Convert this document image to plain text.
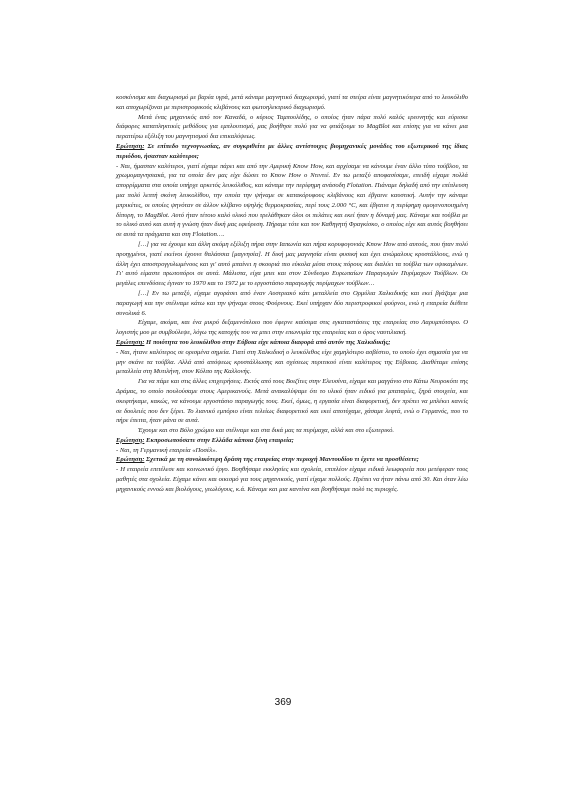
κοσκίνισμα και διαχωρισμό με βαρέα υγρά, μετά κάναμε μαγνητικό διαχωρισμό, γιατί τα στείρα είναι μαγνητικότερα από το λευκόλιθο και αποχωρίζοναι με περιστροφικούς κλιβάνους και φωτοηλεκτρικό διαχωρισμό.

Μετά ένας μηχανικός από τον Καναδά, ο κύριος Ταμπουλίδης, ο οποίος ήταν πάρα πολύ καλός ερευνητής και εύρισκε διάφορες καταπληκτικές μεθόδους για εμπλουτισμό, μας βοήθησε πολύ για να φτιάξουμε το MagBlot και επίσης για να κάνει μια περαιτέρω εξέλιξη του μαγνητισμού δια επικαλύψεως.

Ερώτηση: Σε επίπεδο τεχνογνωσίας, αν συγκριθείτε με άλλες αντίστοιχες βιομηχανικές μονάδες του εξωτερικού της ίδιας περιόδου, ήσασταν καλύτεροι;

- Ναι, ήμασταν καλύτεροι, γιατί είχαμε πάρει και από την Αμερική Know How, και αρχίσαμε να κάνουμε έναν άλλο τύπο τούβλου, τα χρωμομαγνησιακά, για τα οποία δεν μας είχε δώσει το Know How ο Ντιντιέ. Εν τω μεταξύ αποφασίσαμε, επειδή είχαμε πολλά απορρίμματα στα οποία υπήρχε αρκετός λευκόλιθος, και κάναμε την περίφημη ανάσοδη Flotation. Πιάναμε δηλαδή από την επίπλευση μια πολύ λεπτή σκόνη λευκολίθου, την οποία την ψήναμε σε κατακόρυφους κλιβάνους και έβγαινε καυστική. Αυτήν την κάναμε μπρικέτες, οι οποίες ψηνόταν σε άλλον κλίβανο υψηλής θερμοκρασίας, περί τους 2.000 °C, και έβγαινε η περίφημη ομογενοποιημένη δίπυρη, το MagBlot. Αυτό ήταν τέτοιο καλό υλικό που τρελάθηκαν όλοι οι πελάτες και εκεί ήταν η δύναμή μας. Κάναμε και τούβλα με το υλικό αυτό και αυτή η γνώση ήταν δική μας εφεύρεση. Πήραμε τότε και τον Καθηγητή Φραγκίσκο, ο οποίος είχε και αυτός βοηθήσει σε αυτά τα πράγματα και στη Flotation….

[…] για να έχουμε και άλλη ακόμη εξέλιξη πήρα στην Ιαπωνία και πήρα κορυφογονιάς Know How από αυτούς, που ήταν πολύ προηγμένοι, γιατί εκείνοι έχουνε θαλάσσια [μαγνησία]. Η δική μας μαγνησία είναι φυσική και έχει ανώμαλους κρυστάλλους, ενώ η άλλη έχει αποστρογγυλωμένους και γι' αυτό μπαίνει η σκουριά πιο εύκολα μέσα στους πόρους και διαλύει τα τούβλα των υψικαμίνων. Γι' αυτό είμαστε πρωτοπόροι σε αυτά. Μάλιστα, είχα μπει και στον Σύνδεσμο Ευρωπαίων Παραγωγών Πυρίμαχων Τούβλων. Οι μεγάλες επενδύσεις έγιναν το 1970 και το 1972 με το εργοστάσιο παραγωγής πυρίμαχων τούβλων…

[…] Εν τω μεταξύ, είχαμε αγοράσει από έναν Αυστριακό κάτι μεταλλεία στο Ορμύλια Χαλκιδικής και εκεί βγάζαμε μια παραγωγή και την στέλναμε κάτω και την ψήναμε στους Φούρνους. Εκεί υπήρχαν δύο περιστροφικοί φούρνοι, ενώ η εταιρεία διέθετε συνολικά 6.

Είχαμε, ακόμα, και ένα μικρό δεξαμενόπλοιο που έφερνε καύσιμα στις εγκαταστάσεις της εταιρείας στο Λαρυμπότσιρο. Ο λογιστής μου με συμβούλεψε, λόγω της κατοχής του να μπει στην επωνυμία της εταιρείας και ο όρος ναυτιλιακή.

Ερώτηση: Η ποιότητα του λευκόλιθου στην Εύβοια είχε κάποια διαφορά από αυτόν της Χαλκιδικής;

- Ναι, ήτανε καλύτερος σε ορισμένα σημεία. Γιατί στη Χαλκιδική ο λευκόλιθος είχε χαμηλότερο ασβέστιο, το οποίο έχει σημασία για να μην σκάνε τα τούβλα. Αλλά από απόψεως κρυστάλλωσης και σχέσεως πυριτικού είναι καλύτερος της Εύβοιας. Διαθέταμε επίσης μεταλλεία στη Μυτιλήνη, στον Κόλπο της Καλλονής.

Για να πάμε και στις άλλες επιχειρήσεις. Εκτός από τους Βοιζίτες στην Ελευσίνα, είχαμε και μαγγάνιο στο Κάτω Νευροκόπι της Δράμας, το οποίο πουλούσαμε στους Αμερικανούς. Μετά ανακαλύψαμε ότι το υλικό ήταν ειδικό για μπαταρίες, ξηρά στοιχεία, και σκεφτήκαμε, κακώς, να κάνουμε εργοστάσιο παραγωγής τους. Εκεί, όμως, η εργασία είναι διαφορετική, δεν πρέπει να μπλέκει κανείς σε δουλειές που δεν ξέρει. Το λιανικό εμπόριο είναι τελείως διαφορετικό και εκεί αποτύχαμε, χάσαμε λεφτά, ενώ ο Γερμανός, που το πήρε έπειτα, ήταν μάνα σε αυτά.

Έχουμε και στο Βόλο χρώμιο και στέλναμε και στα δικά μας τα πυρίμαχα, αλλά και στο εξωτερικό.

Ερώτηση: Εκπροσωπούσατε στην Ελλάδα κάποια ξένη εταιρεία;

- Ναι, τη Γερμανική εταιρεία «Ποσέλ».

Ερώτηση: Σχετικά με τη συνολικότερη δράση της εταιρείας στην περιοχή Μαντουδίου τι έχετε να προσθέσετε;

- Η εταιρεία επιτέλεσε και κοινωνικό έργο. Βοηθήσαμε εκκλησίες και σχολεία, επιπλέον είχαμε ειδικά λεωφορεία που μετέφεραν τους μαθητές στα σχολεία. Είχαμε κάνει και οικισμό για τους μηχανικούς, γιατί είχαμε πολλούς. Πρέπει να ήταν πάνω από 30. Και όταν λέω μηχανικούς εννοώ και βιολόγους, γεωλόγους, κ.ά. Κάναμε και μια καντίνα και βοηθήσαμε πολύ τις περιοχές.

369
